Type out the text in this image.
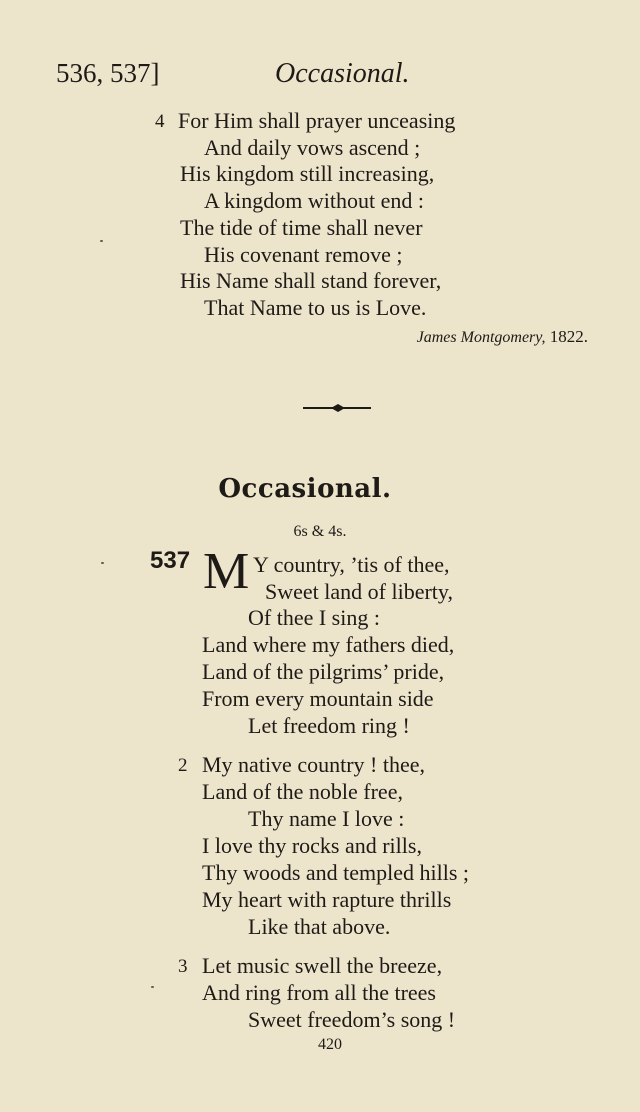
536, 537]	Occasional.
4 For Him shall prayer unceasing
And daily vows ascend ;
His kingdom still increasing,
A kingdom without end :
The tide of time shall never
His covenant remove ;
His Name shall stand forever,
That Name to us is Love.
James Montgomery, 1822.
Occasional.
6s & 4s.
537 M Y country, ’tis of thee,
Sweet land of liberty,
Of thee I sing :
Land where my fathers died,
Land of the pilgrims’ pride,
From every mountain side
Let freedom ring !
2 My native country ! thee,
Land of the noble free,
Thy name I love :
I love thy rocks and rills,
Thy woods and templed hills ;
My heart with rapture thrills
Like that above.
3 Let music swell the breeze,
And ring from all the trees
Sweet freedom’s song !
420
